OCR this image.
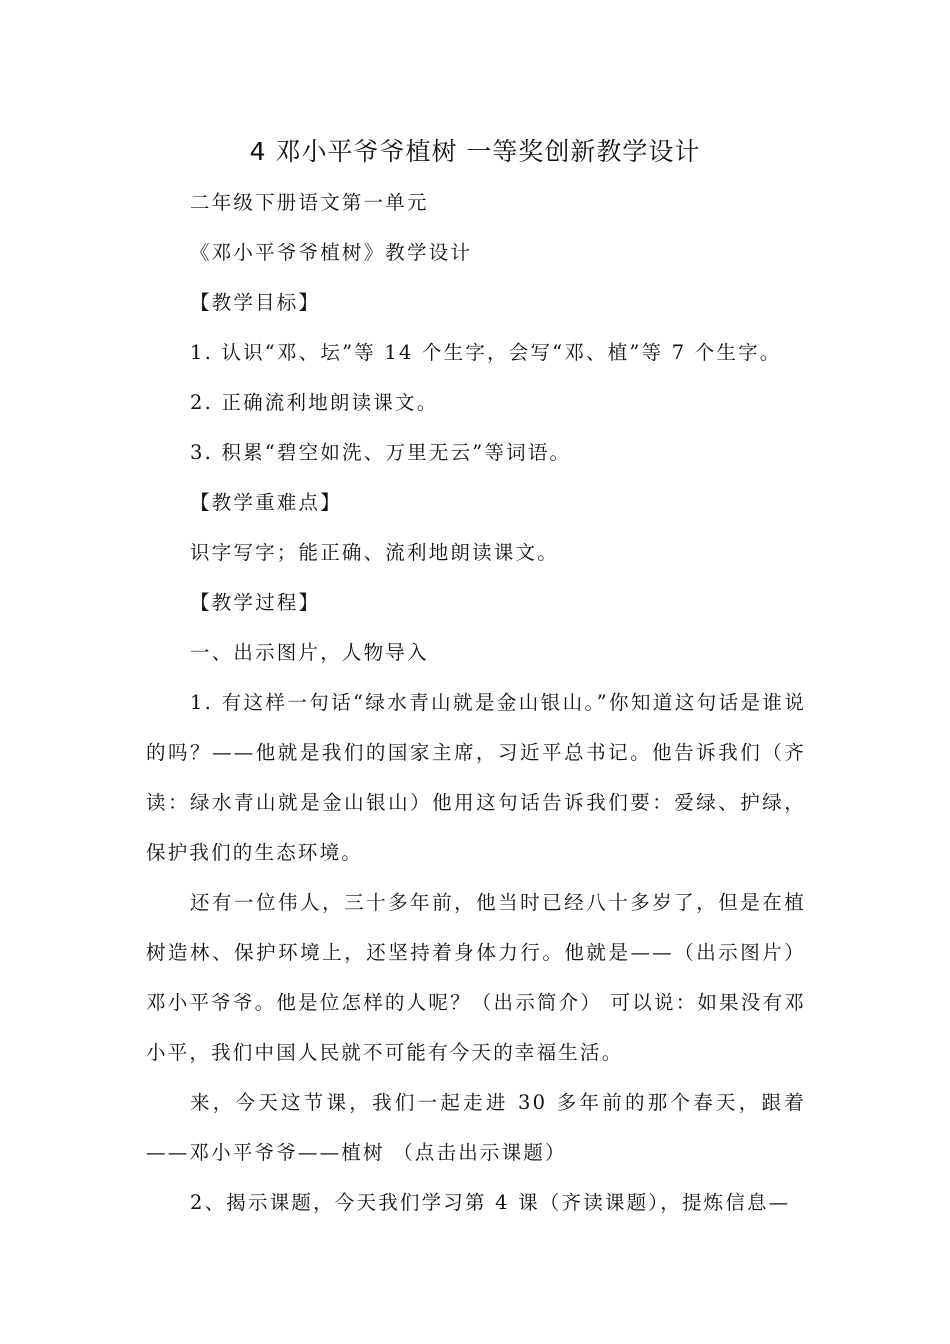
4 邓小平爷爷植树 一等奖创新教学设计

二年级下册语文第一单元

《邓小平爷爷植树》教学设计

【教学目标】

1. 认识“邓、坛”等 14 个生字，会写“邓、植”等 7 个生字。

2. 正确流利地朗读课文。

3. 积累“碧空如洗、万里无云”等词语。

【教学重难点】

识字写字；能正确、流利地朗读课文。

【教学过程】

一、出示图片，人物导入

1. 有这样一句话“绿水青山就是金山银山。”你知道这句话是谁说的吗？——他就是我们的国家主席，习近平总书记。他告诉我们（齐读：绿水青山就是金山银山）他用这句话告诉我们要：爱绿、护绿，保护我们的生态环境。

还有一位伟人，三十多年前，他当时已经八十多岁了，但是在植树造林、保护环境上，还坚持着身体力行。他就是——（出示图片）邓小平爷爷。他是位怎样的人呢？（出示简介） 可以说：如果没有邓小平，我们中国人民就不可能有今天的幸福生活。

来，今天这节课，我们一起走进 30 多年前的那个春天，跟着——邓小平爷爷——植树 （点击出示课题）

2、揭示课题，今天我们学习第 4 课（齐读课题），提炼信息—
